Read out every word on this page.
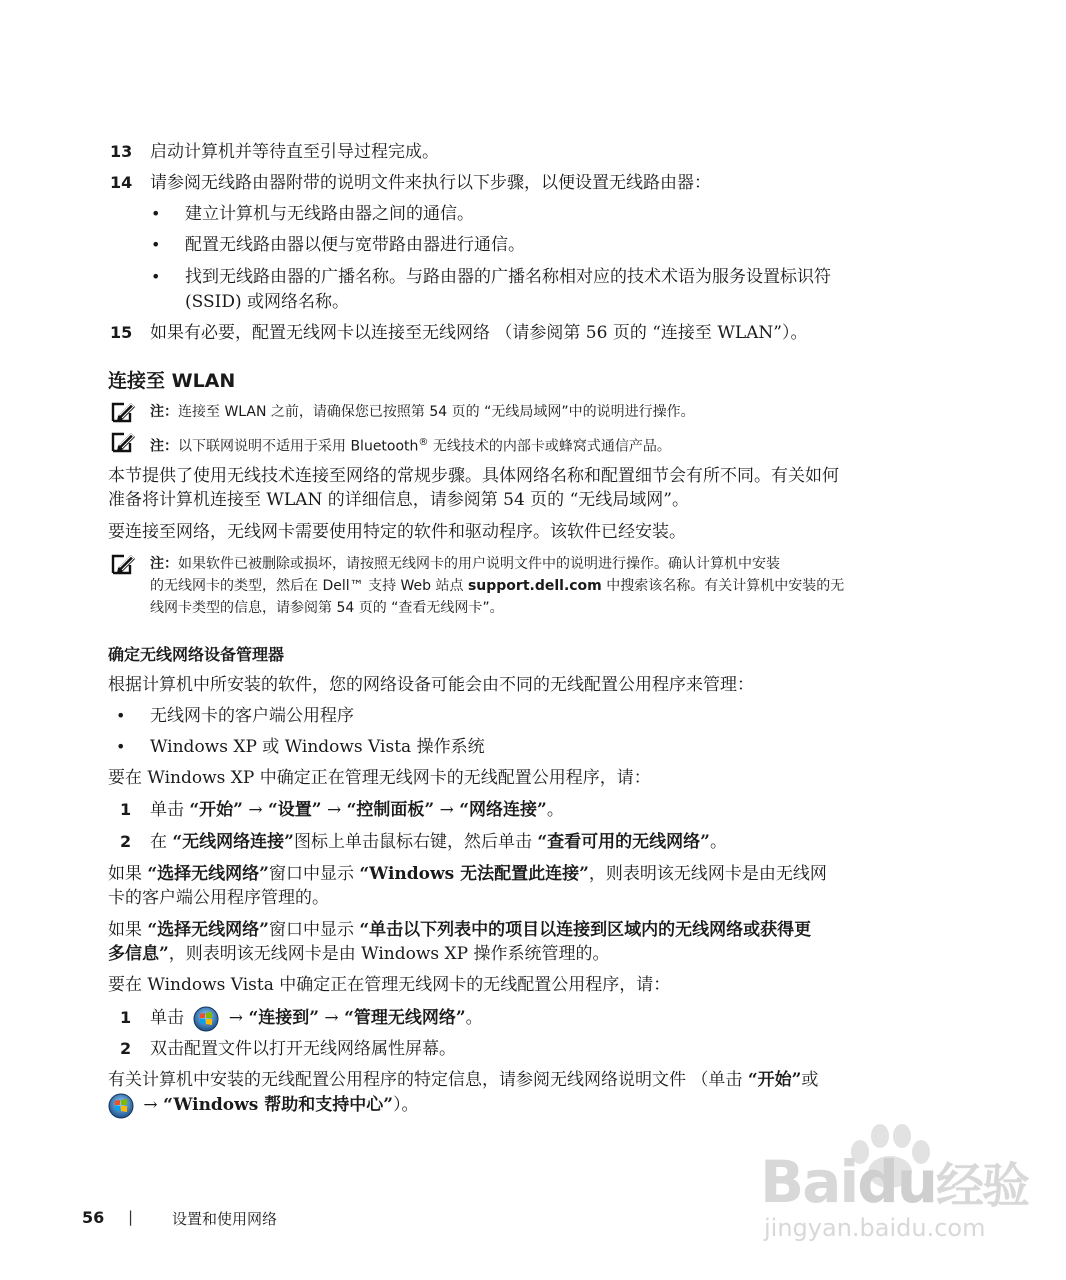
13 启动计算机并等待直至引导过程完成。
14 请参阅无线路由器附带的说明文件来执行以下步骤，以便设置无线路由器：
• 建立计算机与无线路由器之间的通信。
• 配置无线路由器以便与宽带路由器进行通信。
• 找到无线路由器的广播名称。与路由器的广播名称相对应的技术术语为服务设置标识符
(SSID) 或网络名称。
15 如果有必要，配置无线网卡以连接至无线网络 （请参阅第 56 页的 “连接至 WLAN”）。
连接至 WLAN
注：连接至 WLAN 之前，请确保您已按照第 54 页的 “无线局域网”中的说明进行操作。
注：以下联网说明不适用于采用 Bluetooth® 无线技术的内部卡或蜂窝式通信产品。
本节提供了使用无线技术连接至网络的常规步骤。具体网络名称和配置细节会有所不同。有关如何
准备将计算机连接至 WLAN 的详细信息，请参阅第 54 页的 “无线局域网”。
要连接至网络，无线网卡需要使用特定的软件和驱动程序。该软件已经安装。
注：如果软件已被删除或损坏，请按照无线网卡的用户说明文件中的说明进行操作。确认计算机中安装
的无线网卡的类型，然后在 Dell™ 支持 Web 站点 support.dell.com 中搜索该名称。有关计算机中安装的无
线网卡类型的信息，请参阅第 54 页的 “查看无线网卡”。
确定无线网络设备管理器
根据计算机中所安装的软件，您的网络设备可能会由不同的无线配置公用程序来管理：
• 无线网卡的客户端公用程序
• Windows XP 或 Windows Vista 操作系统
要在 Windows XP 中确定正在管理无线网卡的无线配置公用程序，请：
1 单击 “开始” → “设置” → “控制面板” → “网络连接”。
2 在 “无线网络连接”图标上单击鼠标右键，然后单击 “查看可用的无线网络”。
如果 “选择无线网络”窗口中显示 “Windows 无法配置此连接”，则表明该无线网卡是由无线网
卡的客户端公用程序管理的。
如果 “选择无线网络”窗口中显示 “单击以下列表中的项目以连接到区域内的无线网络或获得更
多信息”，则表明该无线网卡是由 Windows XP 操作系统管理的。
要在 Windows Vista 中确定正在管理无线网卡的无线配置公用程序，请：
1 单击  → “连接到” → “管理无线网络”。
2 双击配置文件以打开无线网络属性屏幕。
有关计算机中安装的无线配置公用程序的特定信息，请参阅无线网络说明文件 （单击 “开始”或
→ “Windows 帮助和支持中心”）。
Baidu经验
jingyan.baidu.com
56 |	设置和使用网络
